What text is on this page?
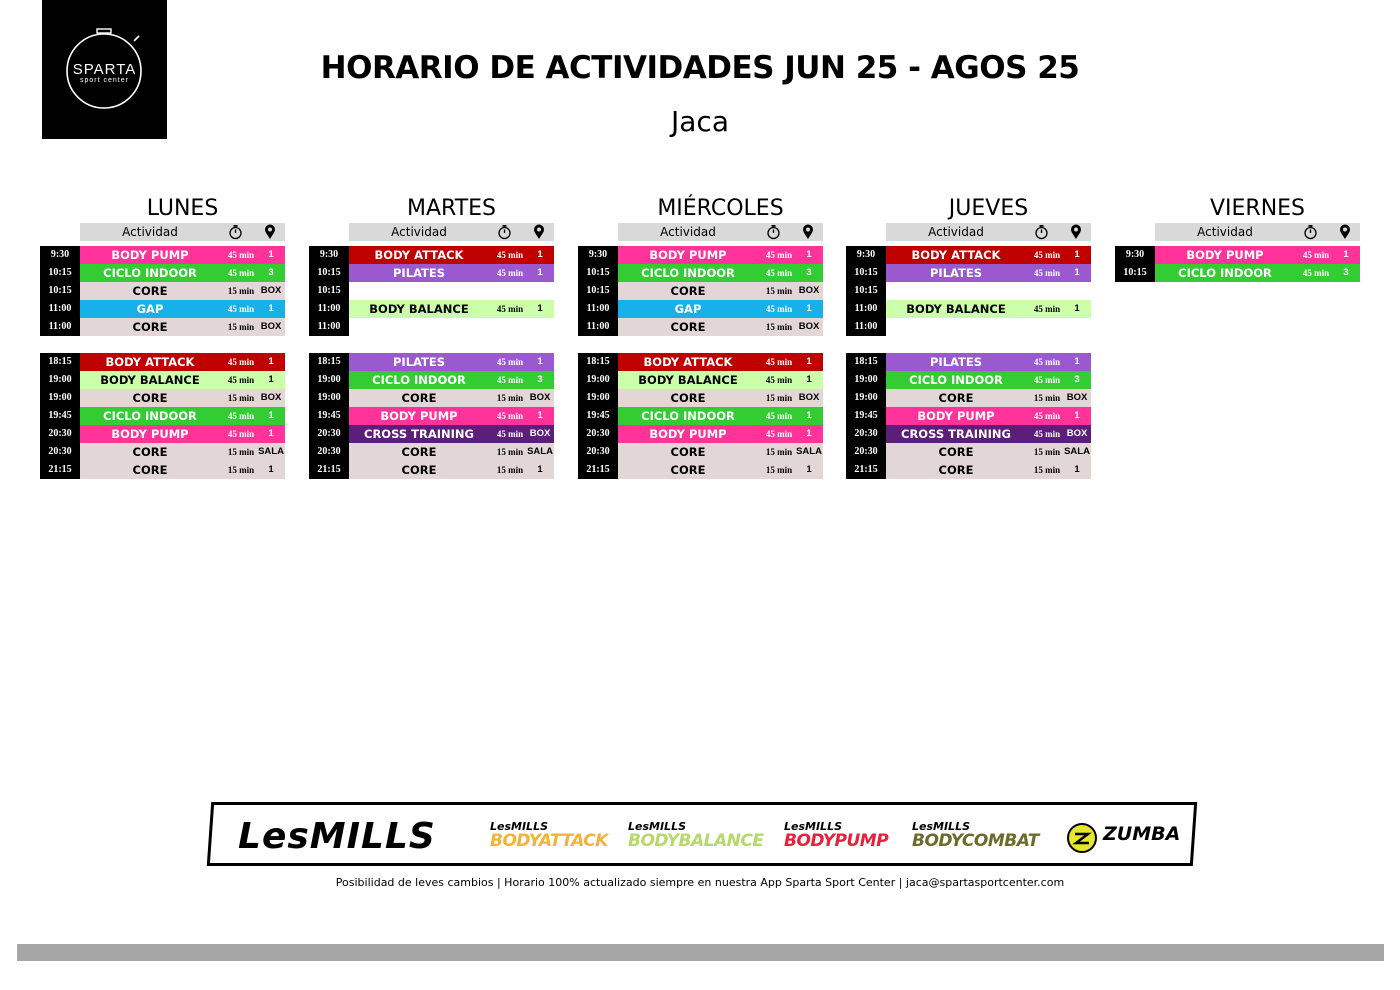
SPARTA
sport center	HORARIO DE ACTIVIDADES JUN 25 - AGOS 25
Jaca
LUNES
Actividad
9:30	BODY PUMP	45 min	1
10:15	CICLO INDOOR	45 min	3
10:15	CORE	15 min BOX
11:00	GAP	45 min	1
11:00	CORE	15 min BOX
18:15	BODY ATTACK	45 min	1
19:00	BODY BALANCE	45 min	1
19:00	CORE	15 min BOX
19:45	CICLO INDOOR	45 min	1
20:30	BODY PUMP	45 min	1
20:30	CORE	15 min SALA
21:15	CORE	15 min	1
MARTES
Actividad
9:30	BODY ATTACK	45 min	1
10:15	PILATES	45 min	1
10:15
11:00	BODY BALANCE	45 min	1
11:00
18:15	PILATES	45 min	1
19:00	CICLO INDOOR	45 min	3
19:00	CORE	15 min BOX
19:45	BODY PUMP	45 min	1
20:30	CROSS TRAINING	45 min BOX
20:30	CORE	15 min SALA
21:15	CORE	15 min	1
MIÉRCOLES
Actividad
9:30	BODY PUMP	45 min	1
10:15	CICLO INDOOR	45 min	3
10:15	CORE	15 min BOX
11:00	GAP	45 min	1
11:00	CORE	15 min BOX
18:15	BODY ATTACK	45 min	1
19:00	BODY BALANCE	45 min	1
19:00	CORE	15 min BOX
19:45	CICLO INDOOR	45 min	1
20:30	BODY PUMP	45 min	1
20:30	CORE	15 min SALA
21:15	CORE	15 min	1
JUEVES
Actividad
9:30	BODY ATTACK	45 min	1
10:15	PILATES	45 min	1
10:15
11:00	BODY BALANCE	45 min	1
11:00
18:15	PILATES	45 min	1
19:00	CICLO INDOOR	45 min	3
19:00	CORE	15 min BOX
19:45	BODY PUMP	45 min	1
20:30	CROSS TRAINING	45 min BOX
20:30	CORE	15 min SALA
21:15	CORE	15 min	1
VIERNES
Actividad
9:30	BODY PUMP	45 min	1
10:15	CICLO INDOOR	45 min	3
LesMILLS	LesMILLS
BODYATTACK
LesMILLS
BODYBALANCE
LesMILLS
BODYPUMP
LesMILLS
BODYCOMBAT	ZUMBA
Posibilidad de leves cambios | Horario 100% actualizado siempre en nuestra App Sparta Sport Center | jaca@spartasportcenter.com
